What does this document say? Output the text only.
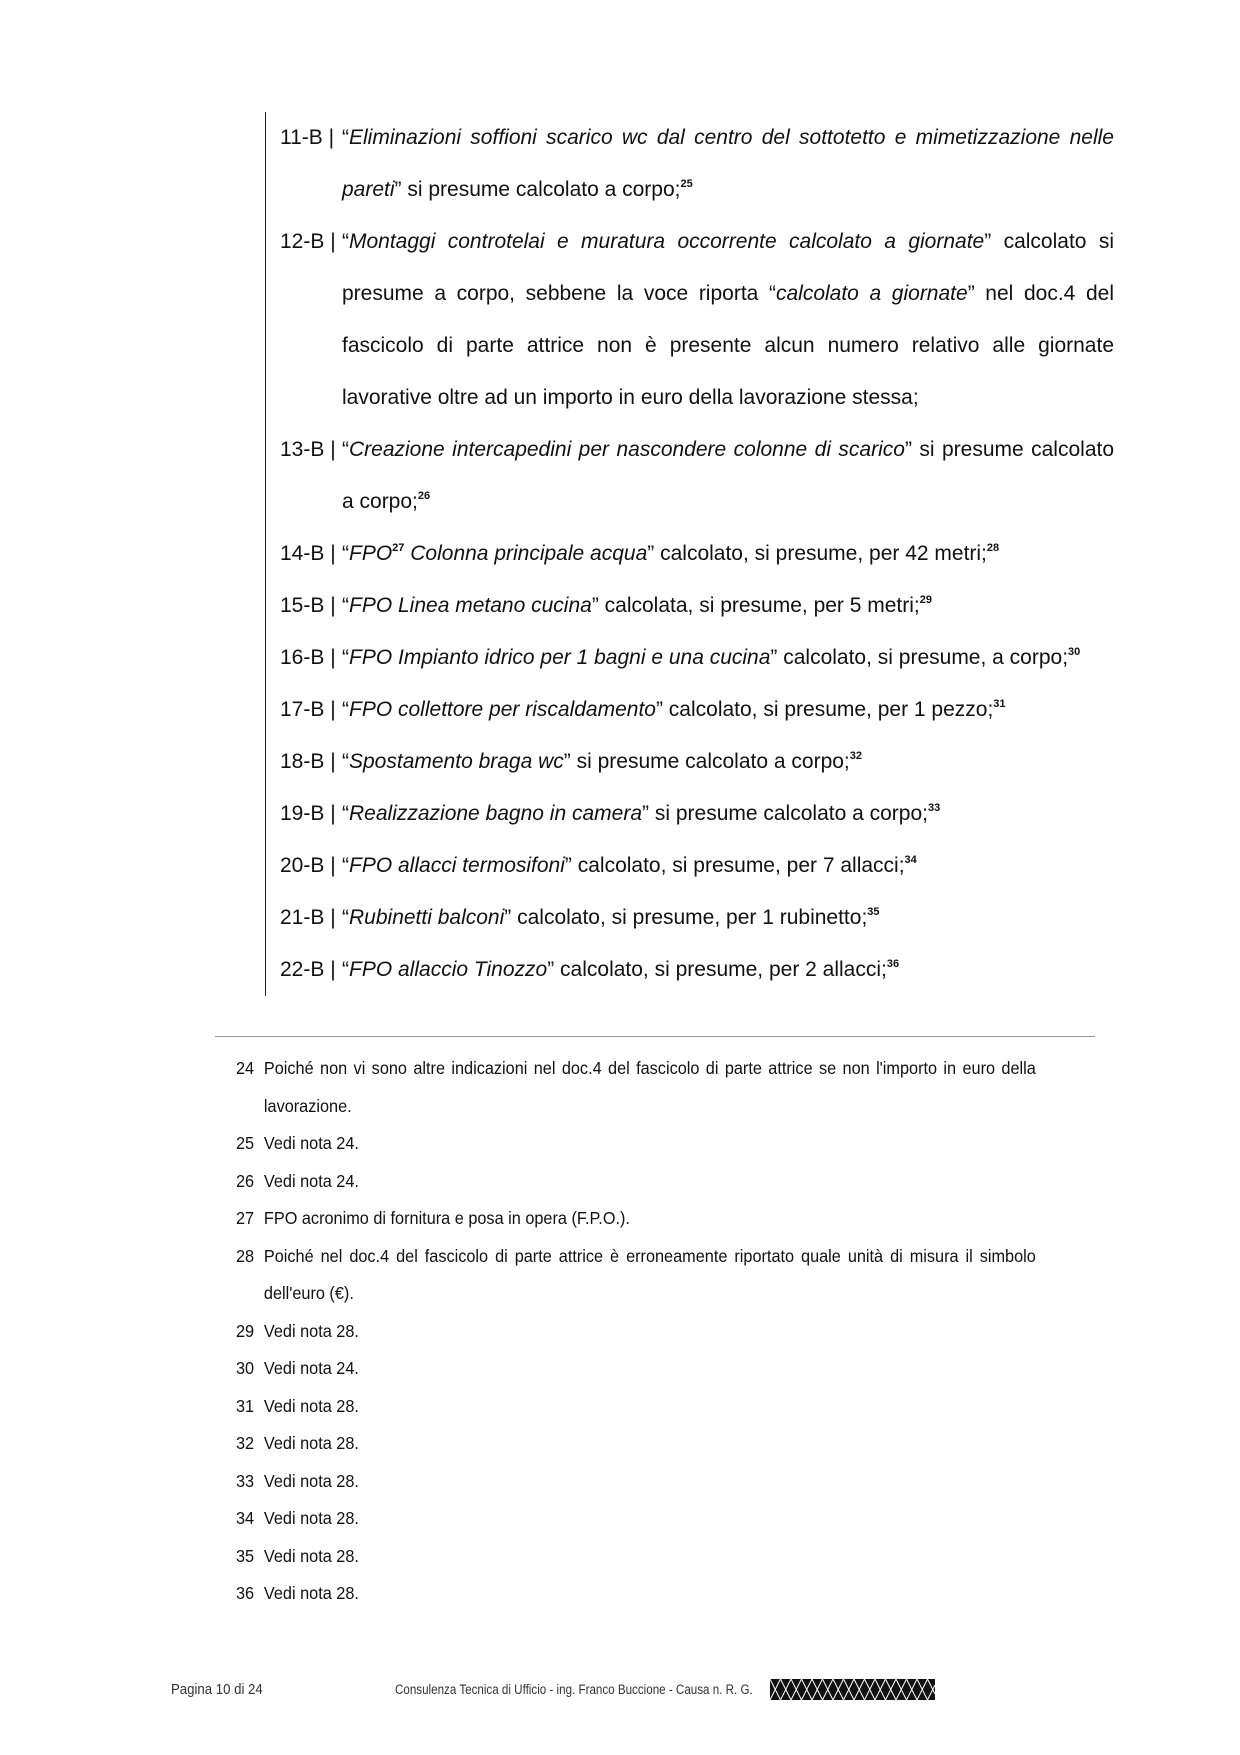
11-B | “Eliminazioni soffioni scarico wc dal centro del sottotetto e mimetizzazione nelle pareti” si presume calcolato a corpo;$^{25}$
12-B | “Montaggi controtelai e muratura occorrente calcolato a giornate” calcolato si presume a corpo, sebbene la voce riporta “calcolato a giornate” nel doc.4 del fascicolo di parte attrice non è presente alcun numero relativo alle giornate lavorative oltre ad un importo in euro della lavorazione stessa;
13-B | “Creazione intercapedini per nascondere colonne di scarico” si presume calcolato a corpo;$^{26}$
14-B | “FPO$^{27}$ Colonna principale acqua” calcolato, si presume, per 42 metri;$^{28}$
15-B | “FPO Linea metano cucina” calcolata, si presume, per 5 metri;$^{29}$
16-B | “FPO Impianto idrico per 1 bagni e una cucina” calcolato, si presume, a corpo;$^{30}$
17-B | “FPO collettore per riscaldamento” calcolato, si presume, per 1 pezzo;$^{31}$
18-B | “Spostamento braga wc” si presume calcolato a corpo;$^{32}$
19-B | “Realizzazione bagno in camera” si presume calcolato a corpo;$^{33}$
20-B | “FPO allacci termosifoni” calcolato, si presume, per 7 allacci;$^{34}$
21-B | “Rubinetti balconi” calcolato, si presume, per 1 rubinetto;$^{35}$
22-B | “FPO allaccio Tinozzo” calcolato, si presume, per 2 allacci;$^{36}$
24 Poiché non vi sono altre indicazioni nel doc.4 del fascicolo di parte attrice se non l'importo in euro della lavorazione.
25 Vedi nota 24.
26 Vedi nota 24.
27 FPO acronimo di fornitura e posa in opera (F.P.O.).
28 Poiché nel doc.4 del fascicolo di parte attrice è erroneamente riportato quale unità di misura il simbolo dell'euro (€).
29 Vedi nota 28.
30 Vedi nota 24.
31 Vedi nota 28.
32 Vedi nota 28.
33 Vedi nota 28.
34 Vedi nota 28.
35 Vedi nota 28.
36 Vedi nota 28.
Pagina 10 di 24	Consulenza Tecnica di Ufficio - ing. Franco Buccione - Causa n. R. G.
